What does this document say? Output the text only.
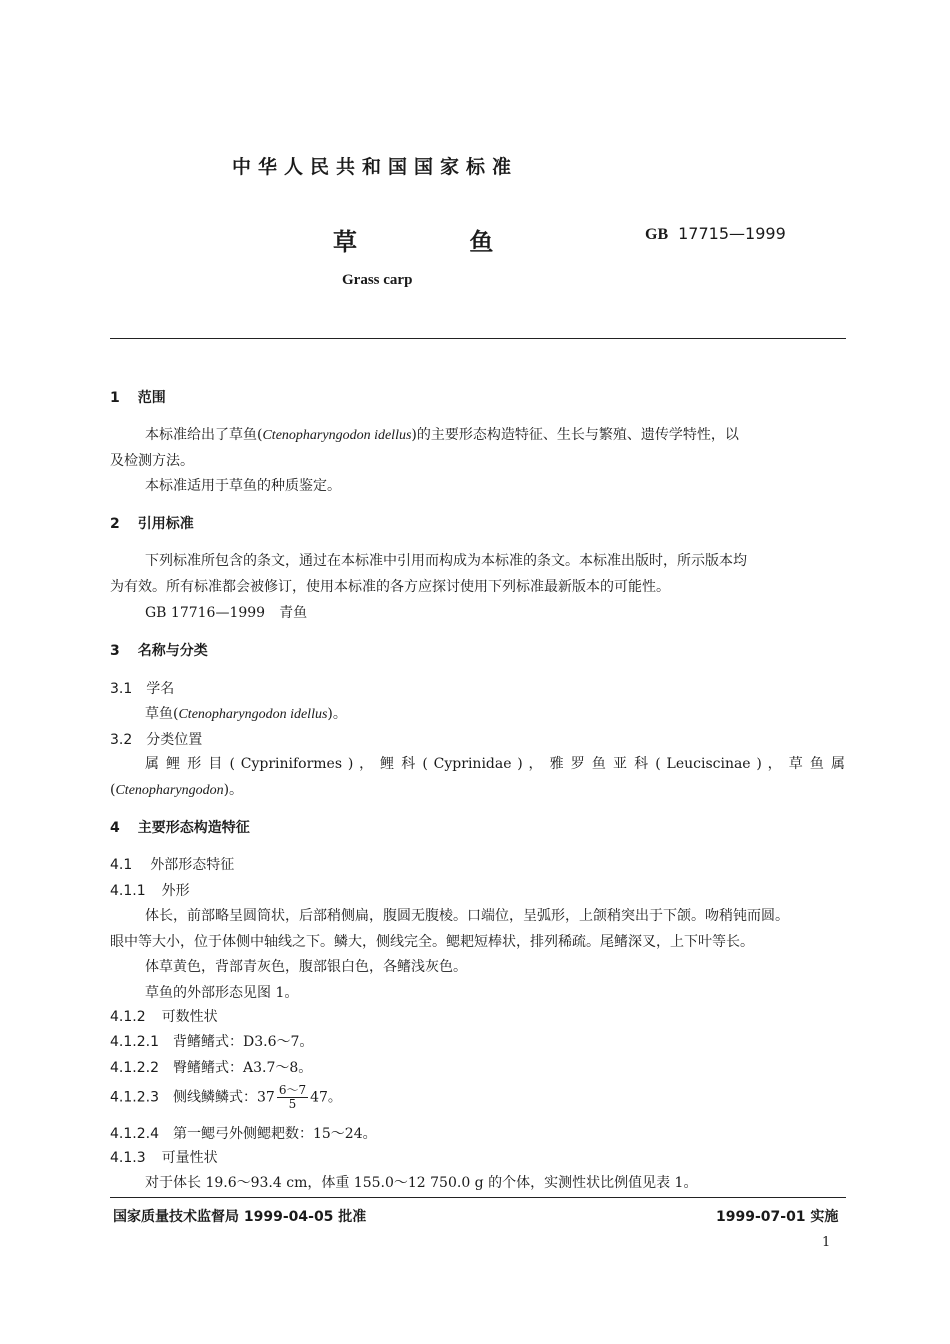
中华人民共和国国家标准
草 鱼	GB 17715—1999
Grass carp
1 范围
本标准给出了草鱼(Ctenopharyngodon idellus)的主要形态构造特征、生长与繁殖、遗传学特性，以
及检测方法。
本标准适用于草鱼的种质鉴定。
2 引用标准
下列标准所包含的条文，通过在本标准中引用而构成为本标准的条文。本标准出版时，所示版本均
为有效。所有标准都会被修订，使用本标准的各方应探讨使用下列标准最新版本的可能性。
GB 17716—1999　青鱼
3 名称与分类
3.1 学名
草鱼(Ctenopharyngodon idellus)。
3.2 分类位置
属 鲤 形 目 ( Cypriniformes ) ， 鲤 科 ( Cyprinidae ) ， 雅 罗 鱼 亚 科 ( Leuciscinae ) ， 草 鱼 属
(Ctenopharyngodon)。
4 主要形态构造特征
4.1 外部形态特征
4.1.1 外形
体长，前部略呈圆筒状，后部稍侧扁，腹圆无腹棱。口端位，呈弧形，上颌稍突出于下颌。吻稍钝而圆。
眼中等大小，位于体侧中轴线之下。鳞大，侧线完全。鳃耙短棒状，排列稀疏。尾鳍深叉，上下叶等长。
体草黄色，背部青灰色，腹部银白色，各鳍浅灰色。
草鱼的外部形态见图 1。
4.1.2 可数性状
4.1.2.1 背鳍鳍式：D3.6～7。
4.1.2.2 臀鳍鳍式：A3.7～8。
4.1.2.3 侧线鳞鳞式：$37 \frac{6\sim 7}{5} 47$。
4.1.2.4 第一鳃弓外侧鳃耙数：15～24。
4.1.3 可量性状
对于体长 19.6～93.4 cm，体重 155.0～12 750.0 g 的个体，实测性状比例值见表 1。
国家质量技术监督局 1999-04-05 批准	1999-07-01 实施
1
